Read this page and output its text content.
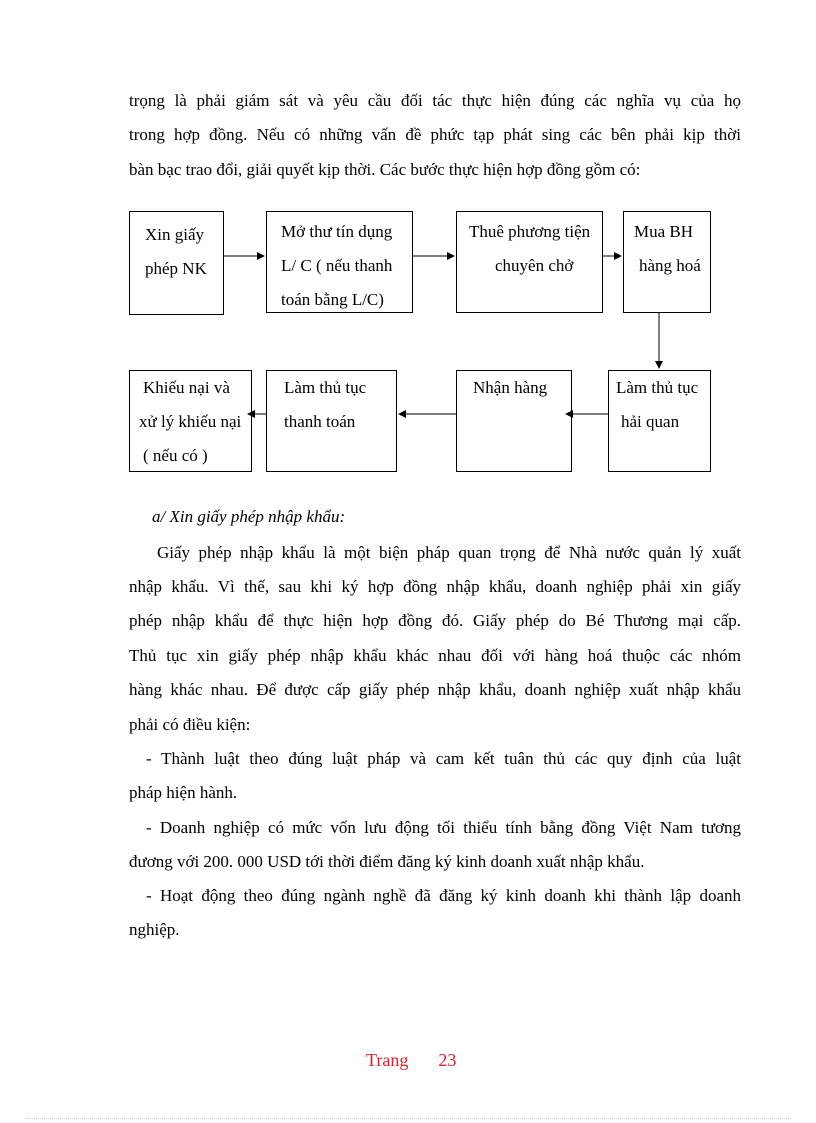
trọng là phải giám sát và yêu cầu đối tác thực hiện đúng các nghĩa vụ của họ
trong hợp đồng. Nếu có những vấn đề phức tạp phát sing các bên phải kịp thời
bàn bạc trao đổi, giải quyết kịp thời. Các bước thực hiện hợp đồng gồm có:
Xin giấy
phép NK
Mở thư tín dụng
L/ C ( nếu thanh
toán bằng L/C)
Thuê phương tiện
chuyên chở
Mua BH
hàng hoá
Làm thủ tục
hải quan
Nhận hàng
Làm thủ tục
thanh toán
Khiếu nại và
xử lý khiếu nại
( nếu có )
a/ Xin giấy phép nhập khẩu:
Giấy phép nhập khẩu là một biện pháp quan trọng để Nhà nước quản lý xuất
nhập khẩu. Vì thế, sau khi ký hợp đồng nhập khẩu, doanh nghiệp phải xin giấy
phép nhập khẩu để thực hiện hợp đồng đó. Giấy phép do Bé Thương mại cấp.
Thủ tục xin giấy phép nhập khẩu khác nhau đối với hàng hoá thuộc các nhóm
hàng khác nhau. Để được cấp giấy phép nhập khẩu, doanh nghiệp xuất nhập khẩu
phải có điều kiện:
- Thành luật theo đúng luật pháp và cam kết tuân thủ các quy định của luật
pháp hiện hành.
- Doanh nghiệp có mức vốn lưu động tối thiểu tính bằng đồng Việt Nam tương
đương với 200. 000 USD tới thời điểm đăng ký kinh doanh xuất nhập khẩu.
- Hoạt động theo đúng ngành nghề đã đăng ký kinh doanh khi thành lập doanh
nghiệp.
Trang 23
